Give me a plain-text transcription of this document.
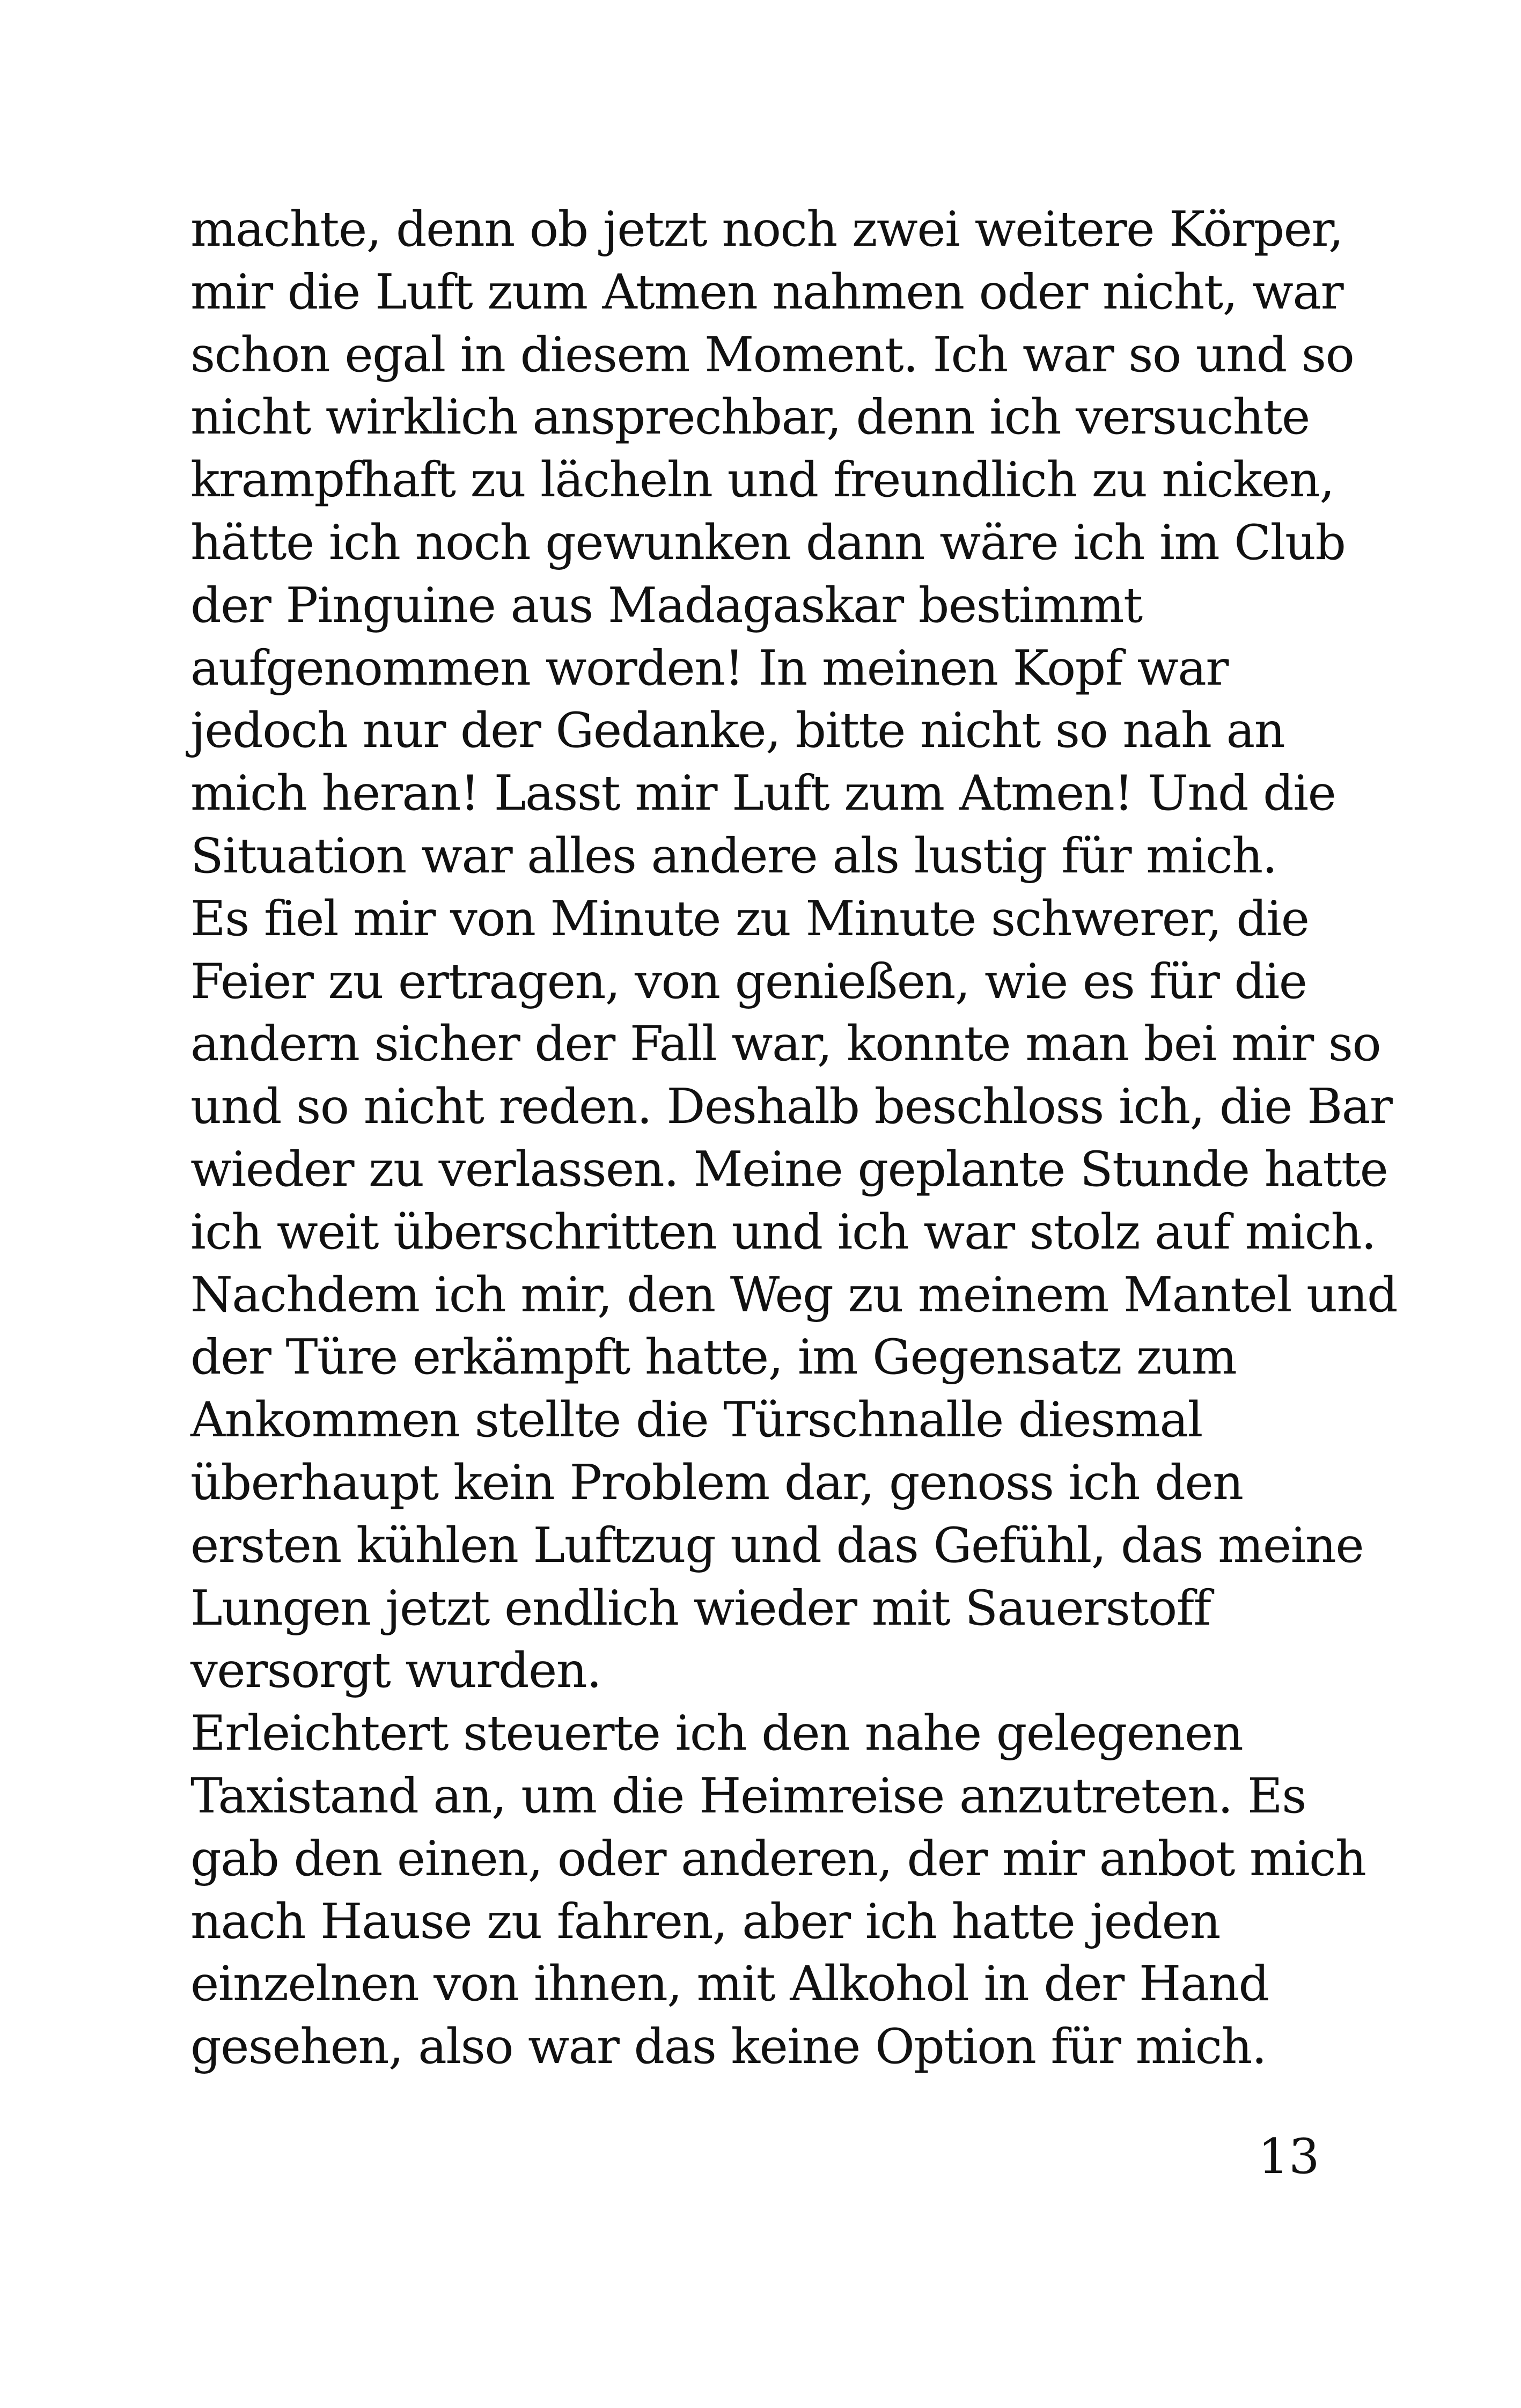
machte, denn ob jetzt noch zwei weitere Körper,
mir die Luft zum Atmen nahmen oder nicht, war
schon egal in diesem Moment. Ich war so und so
nicht wirklich ansprechbar, denn ich versuchte
krampfhaft zu lächeln und freundlich zu nicken,
hätte ich noch gewunken dann wäre ich im Club
der Pinguine aus Madagaskar bestimmt
aufgenommen worden! In meinen Kopf war
jedoch nur der Gedanke, bitte nicht so nah an
mich heran! Lasst mir Luft zum Atmen! Und die
Situation war alles andere als lustig für mich.
Es fiel mir von Minute zu Minute schwerer, die
Feier zu ertragen, von genießen, wie es für die
andern sicher der Fall war, konnte man bei mir so
und so nicht reden. Deshalb beschloss ich, die Bar
wieder zu verlassen. Meine geplante Stunde hatte
ich weit überschritten und ich war stolz auf mich.
Nachdem ich mir, den Weg zu meinem Mantel und
der Türe erkämpft hatte, im Gegensatz zum
Ankommen stellte die Türschnalle diesmal
überhaupt kein Problem dar, genoss ich den
ersten kühlen Luftzug und das Gefühl, das meine
Lungen jetzt endlich wieder mit Sauerstoff
versorgt wurden.
Erleichtert steuerte ich den nahe gelegenen
Taxistand an, um die Heimreise anzutreten. Es
gab den einen, oder anderen, der mir anbot mich
nach Hause zu fahren, aber ich hatte jeden
einzelnen von ihnen, mit Alkohol in der Hand
gesehen, also war das keine Option für mich.
13
